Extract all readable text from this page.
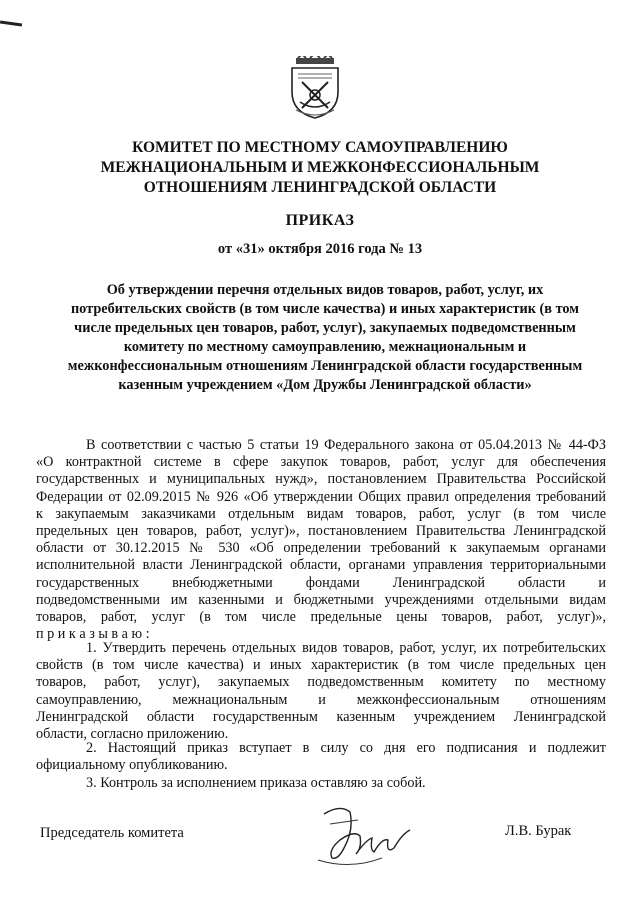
КОМИТЕТ ПО МЕСТНОМУ САМОУПРАВЛЕНИЮ
МЕЖНАЦИОНАЛЬНЫМ И МЕЖКОНФЕССИОНАЛЬНЫМ
ОТНОШЕНИЯМ ЛЕНИНГРАДСКОЙ ОБЛАСТИ
ПРИКАЗ
от «31» октября 2016 года № 13
Об утверждении перечня отдельных видов товаров, работ, услуг, их
потребительских свойств (в том числе качества) и иных характеристик (в том
числе предельных цен товаров, работ, услуг), закупаемых подведомственным
комитету по местному самоуправлению, межнациональным и
межконфессиональным отношениям Ленинградской области государственным
казенным учреждением «Дом Дружбы Ленинградской области»
В соответствии с частью 5 статьи 19 Федерального закона от 05.04.2013 № 44-ФЗ
«О контрактной системе в сфере закупок товаров, работ, услуг для обеспечения
государственных и муниципальных нужд», постановлением Правительства Российской
Федерации от 02.09.2015 № 926 «Об утверждении Общих правил определения требований
к закупаемым заказчиками отдельным видам товаров, работ, услуг (в том числе
предельных цен товаров, работ, услуг)», постановлением Правительства Ленинградской
области от 30.12.2015 № 530 «Об определении требований к закупаемым органами
исполнительной власти Ленинградской области, органами управления территориальными
государственных внебюджетными фондами Ленинградской области и
подведомственными им казенными и бюджетными учреждениями отдельными видам
товаров, работ, услуг (в том числе предельные цены товаров, работ, услуг)»,
п р и к а з ы в а ю :
1. Утвердить перечень отдельных видов товаров, работ, услуг, их потребительских
свойств (в том числе качества) и иных характеристик (в том числе предельных цен
товаров, работ, услуг), закупаемых подведомственным комитету по местному
самоуправлению, межнациональным и межконфессиональным отношениям
Ленинградской области государственным казенным учреждением Ленинградской
области, согласно приложению.
2. Настоящий приказ вступает в силу со дня его подписания и подлежит
официальному опубликованию.
3. Контроль за исполнением приказа оставляю за собой.
Председатель комитета	Л.В. Бурак
